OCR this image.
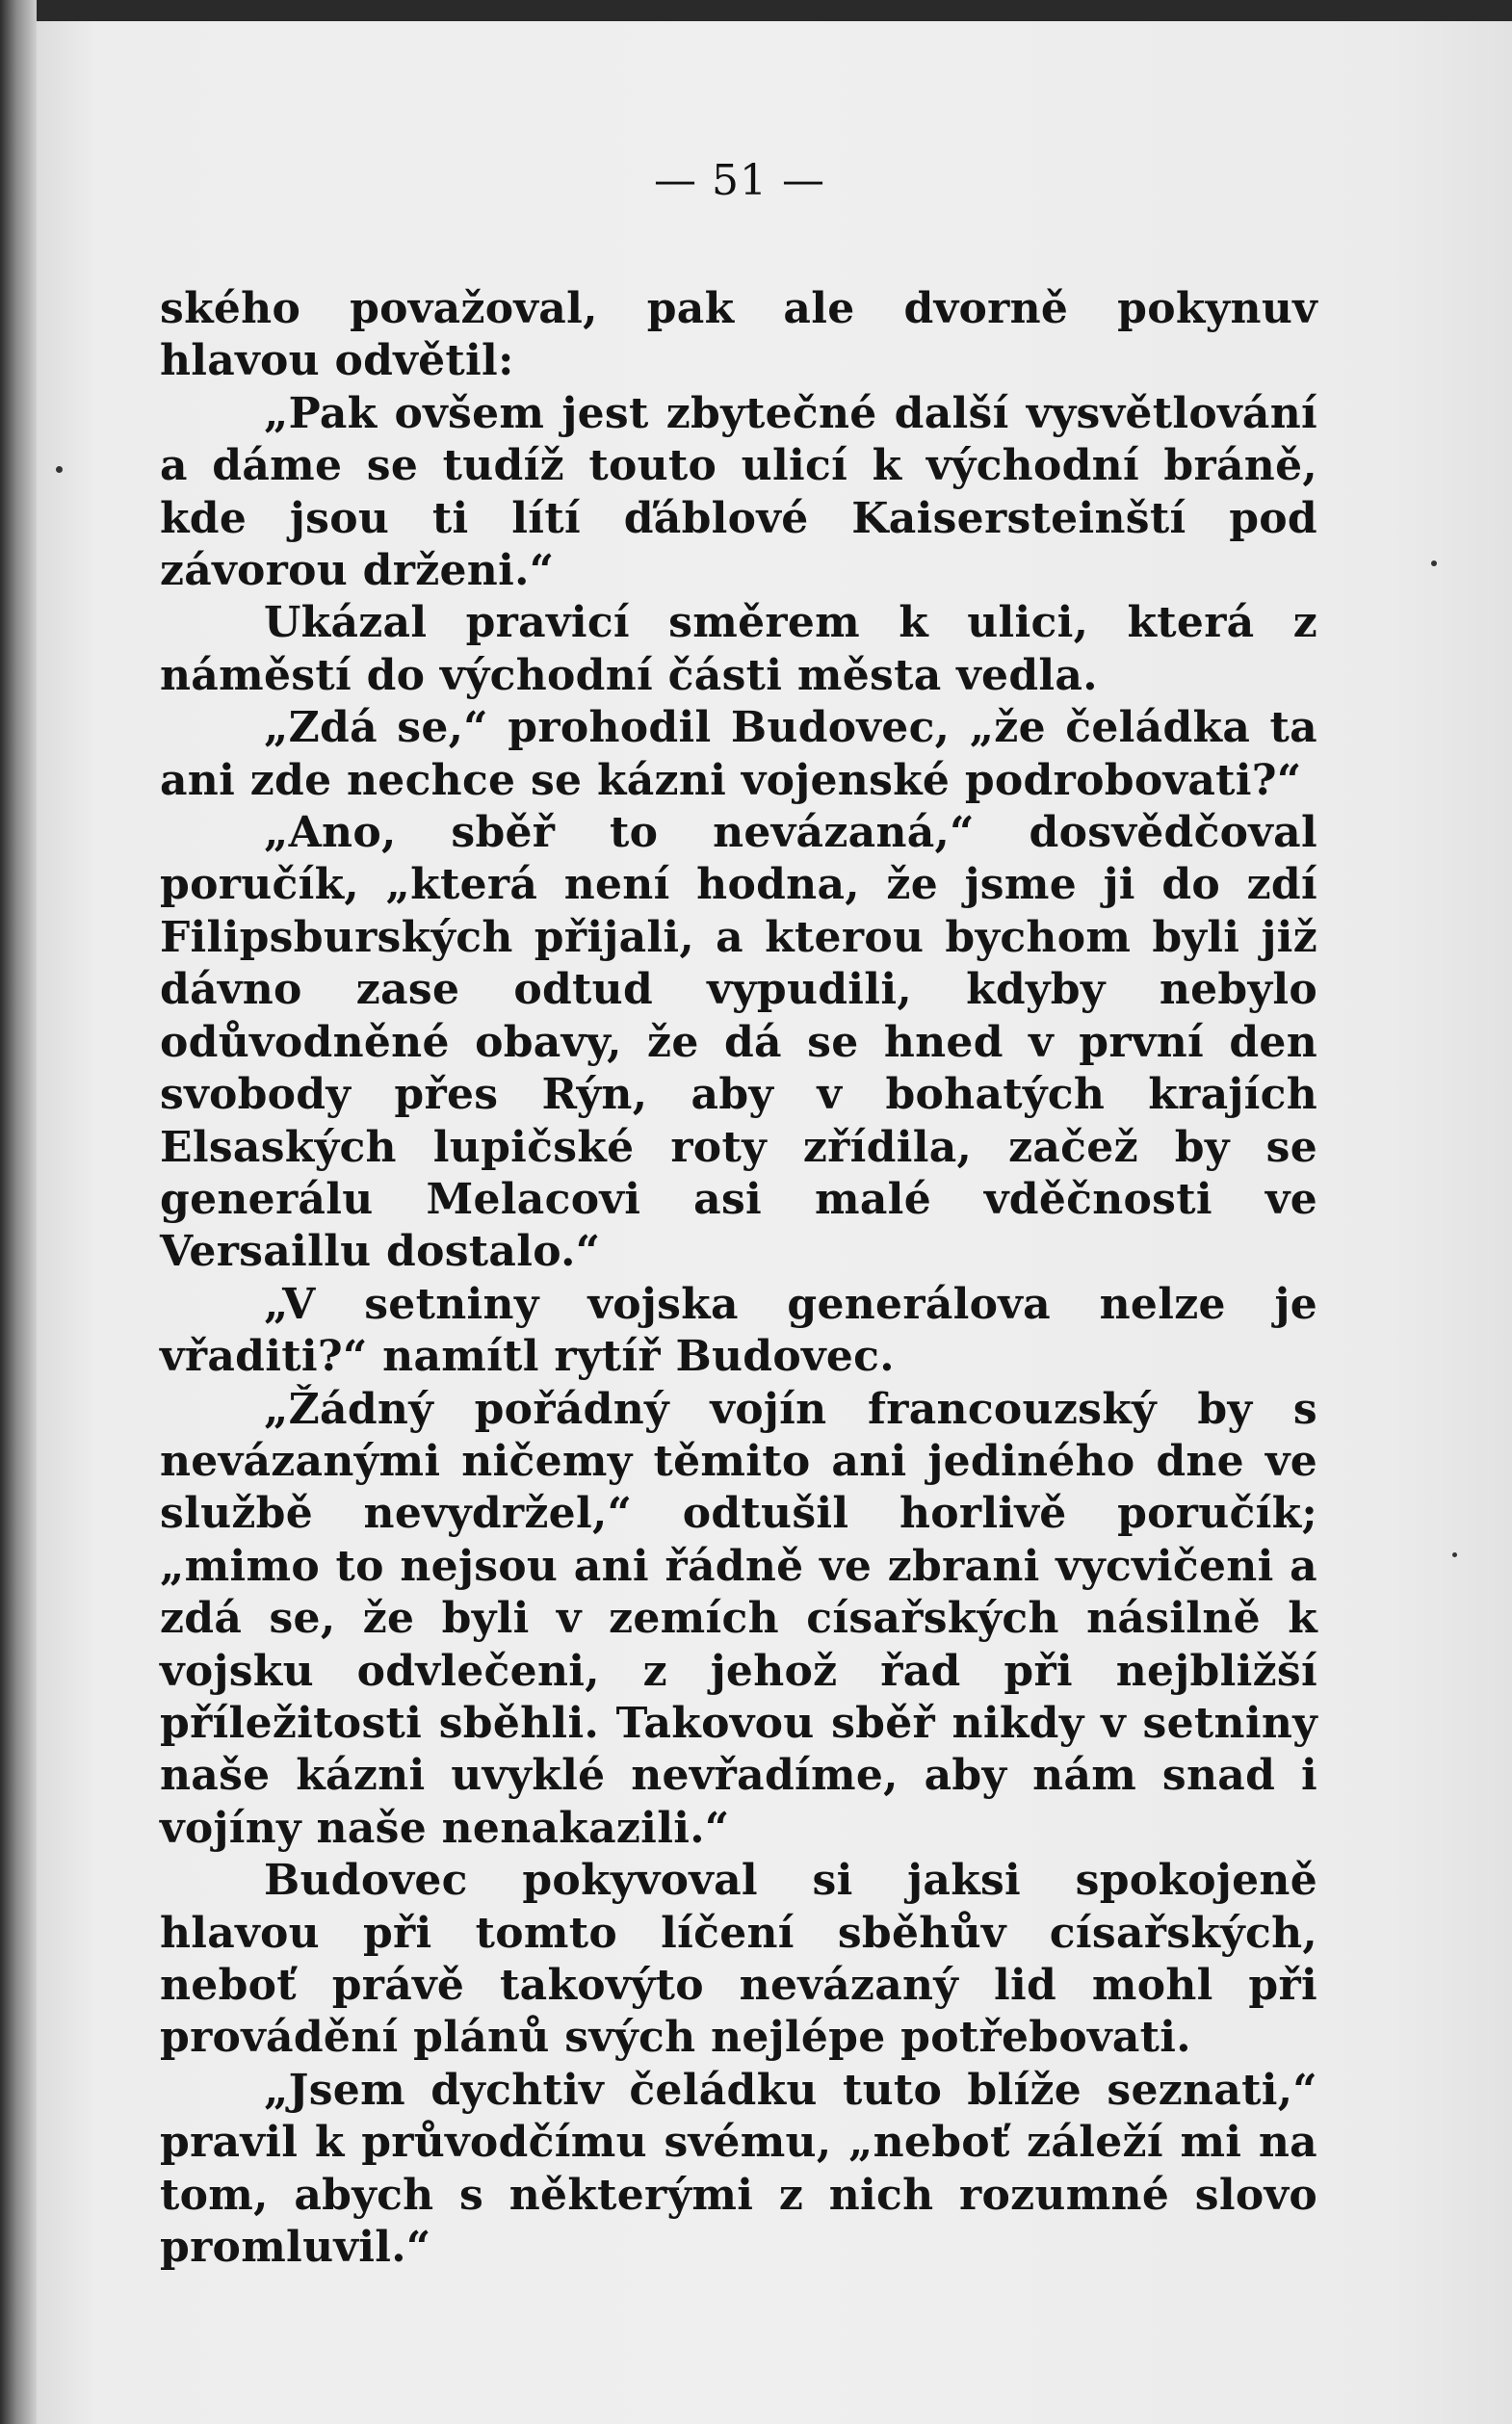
— 51 —

ského považoval, pak ale dvorně pokynuv hlavou odvětil:

„Pak ovšem jest zbytečné další vysvětlování a dáme se tudíž touto ulicí k východní bráně, kde jsou ti lítí ďáblové Kaisersteinští pod závorou drženi.“

Ukázal pravicí směrem k ulici, která z náměstí do východní části města vedla.

„Zdá se,“ prohodil Budovec, „že čeládka ta ani zde nechce se kázni vojenské podrobovati?“

„Ano, sběř to nevázaná,“ dosvědčoval poručík, „která není hodna, že jsme ji do zdí Filipsburských přijali, a kterou bychom byli již dávno zase odtud vypudili, kdyby nebylo odůvodněné obavy, že dá se hned v první den svobody přes Rýn, aby v bohatých krajích Elsaských lupičské roty zřídila, začež by se generálu Melacovi asi malé vděčnosti ve Versaillu dostalo.“

„V setniny vojska generálova nelze je vřaditi?“ namítl rytíř Budovec.

„Žádný pořádný vojín francouzský by s nevázanými ničemy těmito ani jediného dne ve službě nevydržel,“ odtušil horlivě poručík; „mimo to nejsou ani řádně ve zbrani vycvičeni a zdá se, že byli v zemích císařských násilně k vojsku odvlečeni, z jehož řad při nejbližší příležitosti sběhli. Takovou sběř nikdy v setniny naše kázni uvyklé nevřadíme, aby nám snad i vojíny naše nenakazili.“

Budovec pokyvoval si jaksi spokojeně hlavou při tomto líčení sběhův císařských, neboť právě takovýto nevázaný lid mohl při provádění plánů svých nejlépe potřebovati.

„Jsem dychtiv čeládku tuto blíže seznati,“ pravil k průvodčímu svému, „neboť záleží mi na tom, abych s některými z nich rozumné slovo promluvil.“
